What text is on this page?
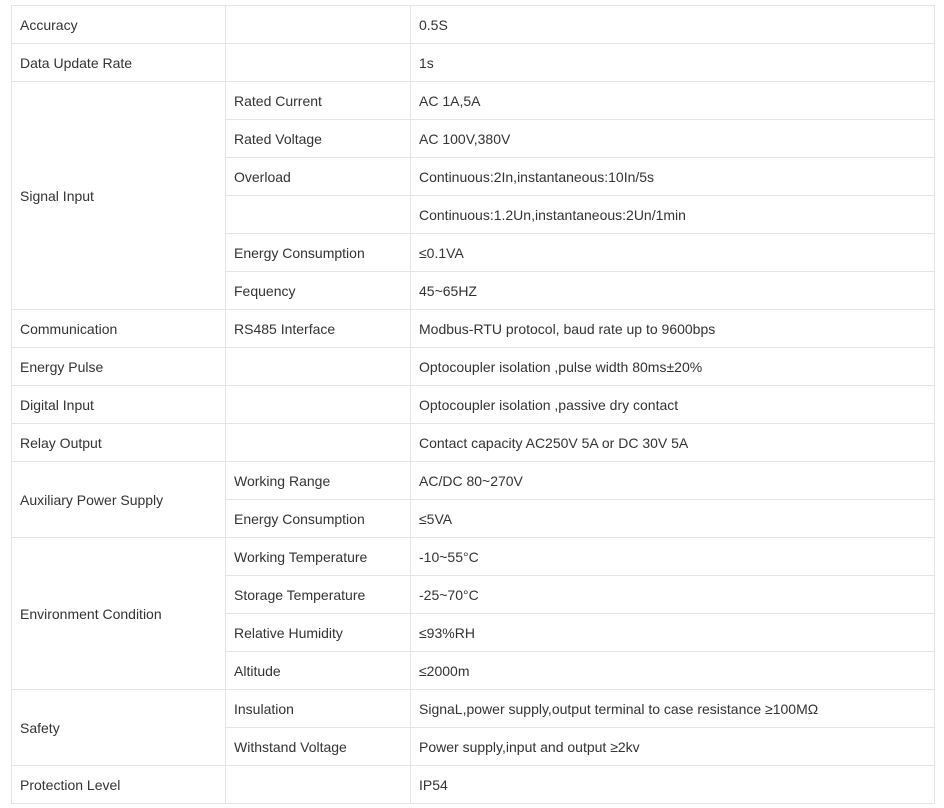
Accuracy		0.5S
Data Update Rate		1s
Signal Input	Rated Current	AC 1A,5A
	Rated Voltage	AC 100V,380V
	Overload	Continuous:2In,instantaneous:10In/5s
		Continuous:1.2Un,instantaneous:2Un/1min
	Energy Consumption	≤0.1VA
	Fequency	45~65HZ
Communication	RS485 Interface	Modbus-RTU protocol, baud rate up to 9600bps
Energy Pulse		Optocoupler isolation ,pulse width 80ms±20%
Digital Input		Optocoupler isolation ,passive dry contact
Relay Output		Contact capacity AC250V 5A or DC 30V 5A
Auxiliary Power Supply	Working Range	AC/DC 80~270V
	Energy Consumption	≤5VA
Environment Condition	Working Temperature	-10~55°C
	Storage Temperature	-25~70°C
	Relative Humidity	≤93%RH
	Altitude	≤2000m
Safety	Insulation	SignaL,power supply,output terminal to case resistance ≥100MΩ
	Withstand Voltage	Power supply,input and output ≥2kv
Protection Level		IP54
